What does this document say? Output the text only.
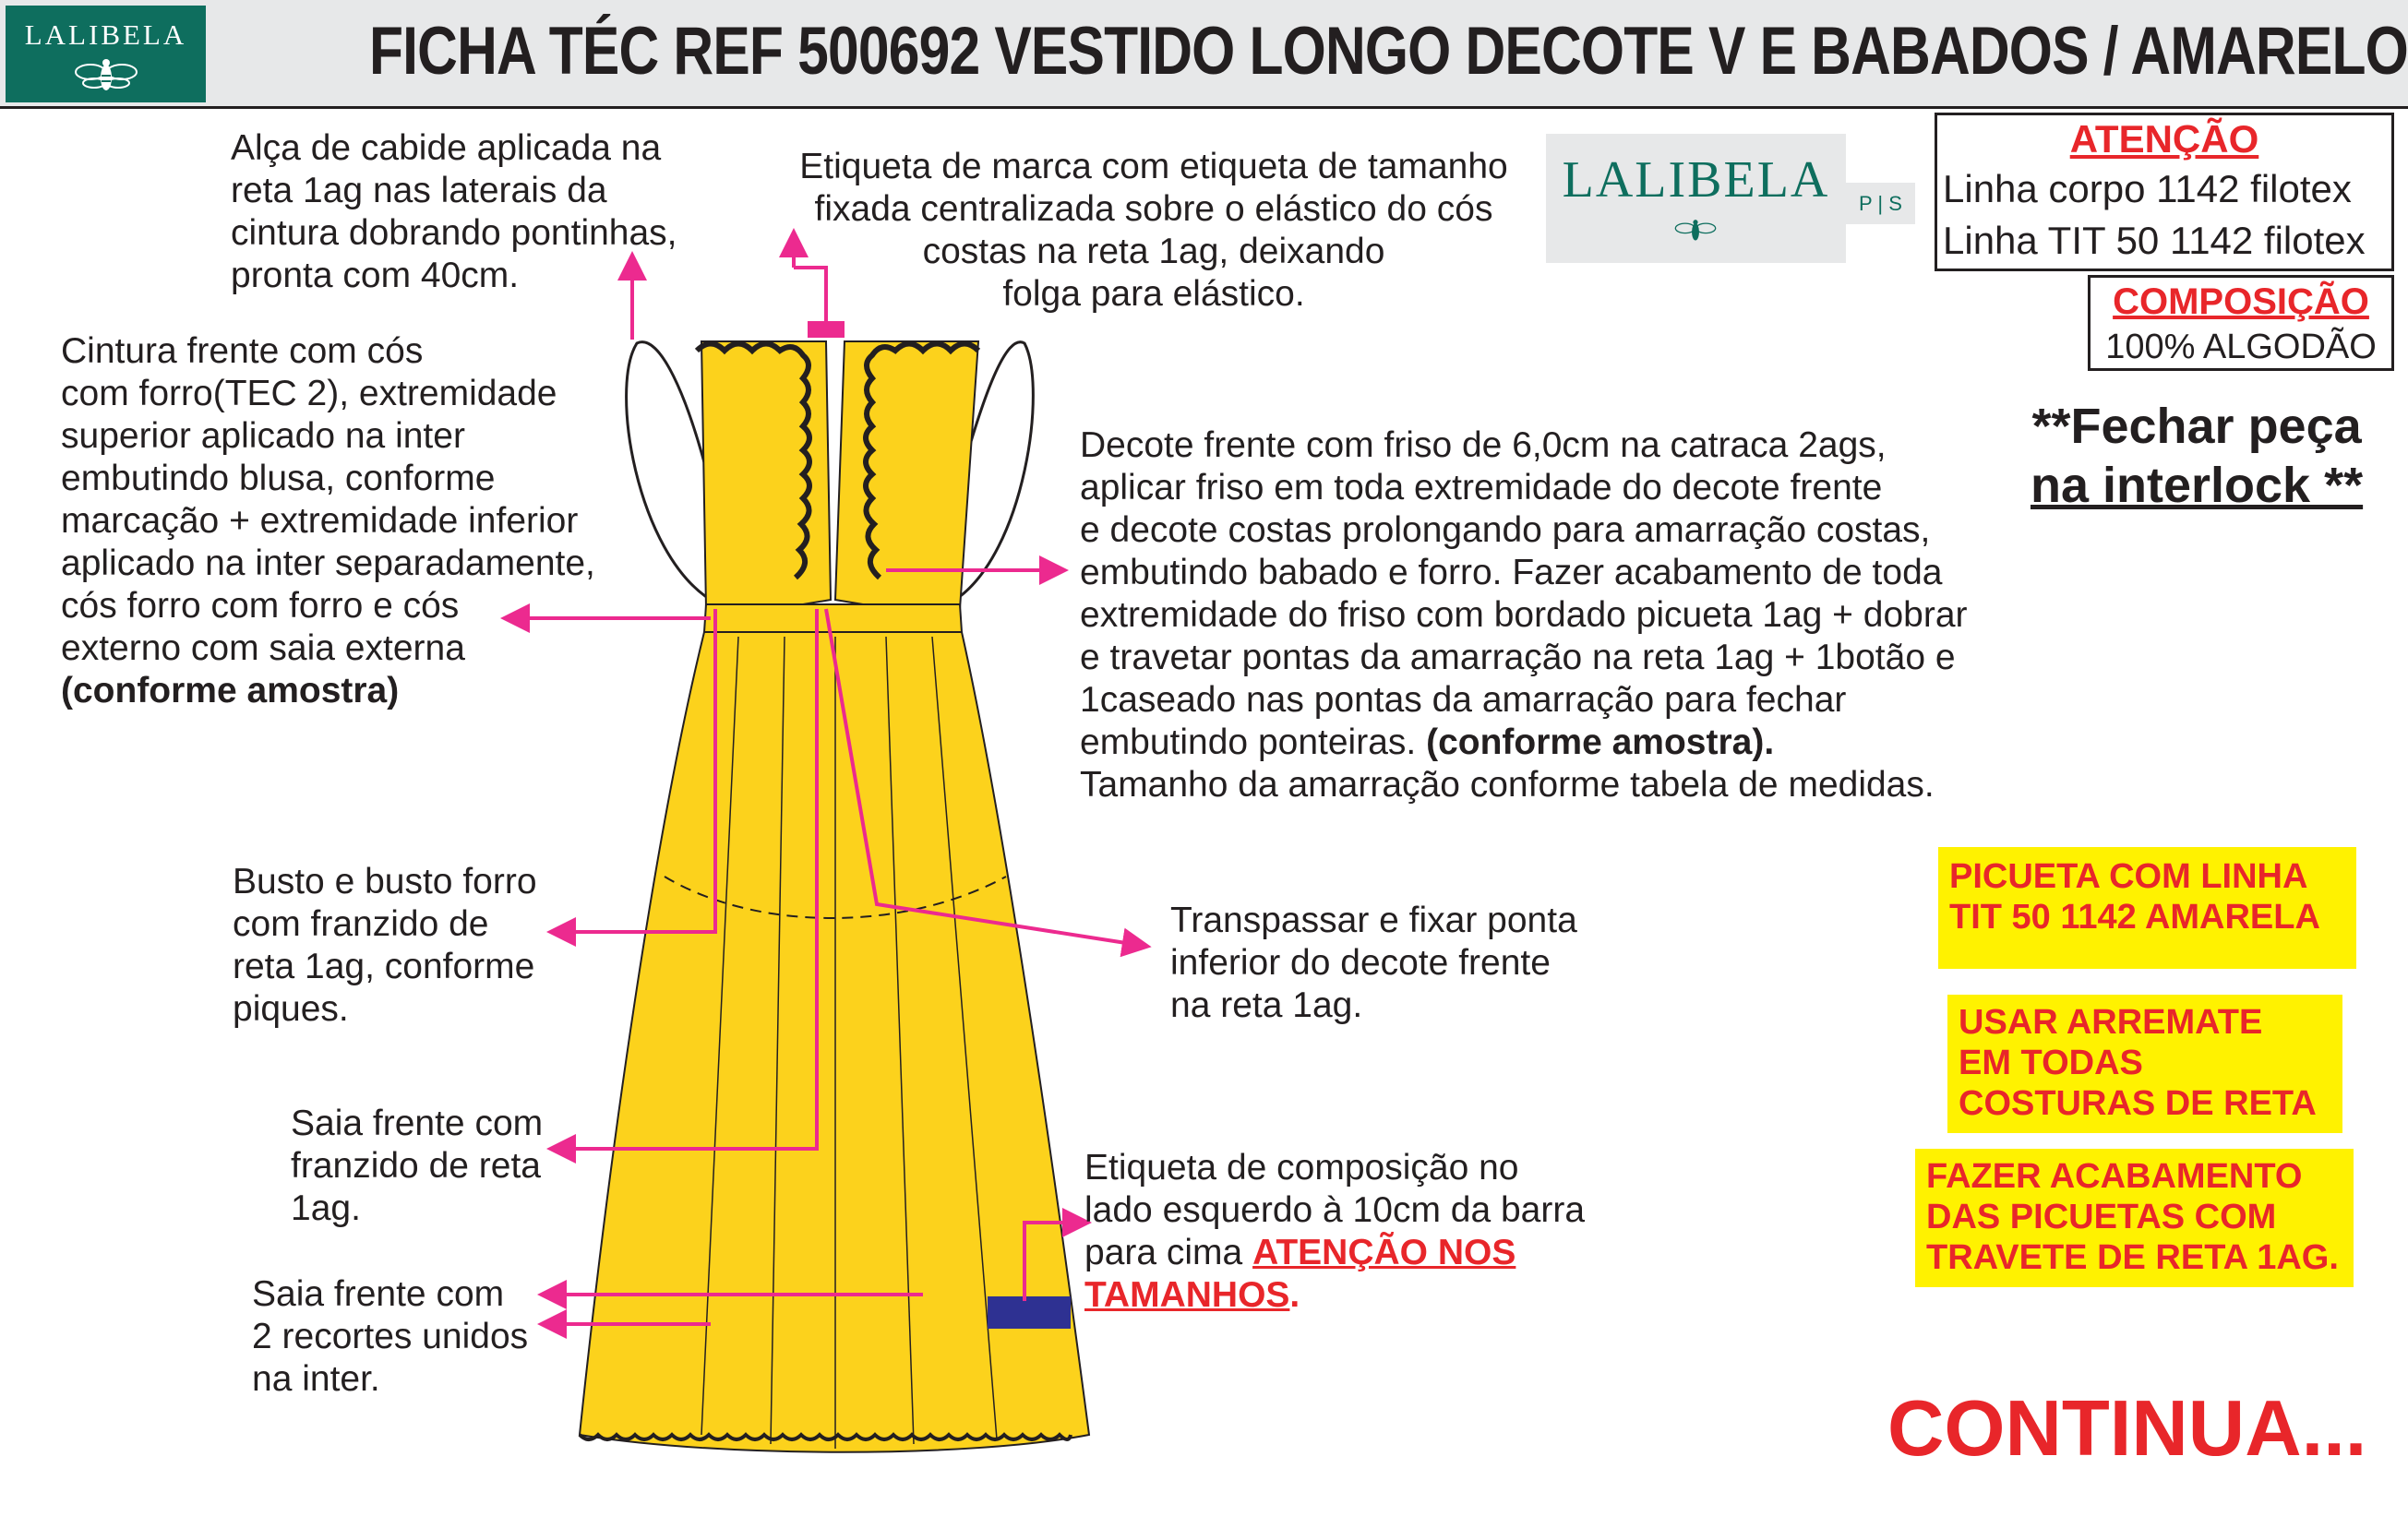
LALIBELA	FICHA TÉC REF 500692 VESTIDO LONGO DECOTE V E BABADOS / AMARELO
LALIBELA	P | S
ATENÇÃO
Linha corpo 1142 filotex
Linha TIT 50 1142 filotex
COMPOSIÇÃO
100% ALGODÃO
**Fechar peça
na interlock **
Alça de cabide aplicada na
reta 1ag nas laterais da
cintura dobrando pontinhas,
pronta com 40cm.
Etiqueta de marca com etiqueta de tamanho
fixada centralizada sobre o elástico do cós
costas na reta 1ag, deixando
folga para elástico.
Cintura frente com cós
com forro(TEC 2), extremidade
superior aplicado na inter
embutindo blusa, conforme
marcação + extremidade inferior
aplicado na inter separadamente,
cós forro com forro e cós
externo com saia externa
(conforme amostra)
Decote frente com friso de 6,0cm na catraca 2ags,
aplicar friso em toda extremidade do decote frente
e decote costas prolongando para amarração costas,
embutindo babado e forro. Fazer acabamento de toda
extremidade do friso com bordado picueta 1ag + dobrar
e travetar pontas da amarração na reta 1ag + 1botão e
1caseado nas pontas da amarração para fechar
embutindo ponteiras. (conforme amostra).
Tamanho da amarração conforme tabela de medidas.
Busto e busto forro
com franzido de
reta 1ag, conforme
piques.
Transpassar e fixar ponta
inferior do decote frente
na reta 1ag.
Saia frente com
franzido de reta
1ag.
Etiqueta de composição no
lado esquerdo à 10cm da barra
para cima ATENÇÃO NOS
TAMANHOS.
Saia frente com
2 recortes unidos
na inter.
PICUETA COM LINHA
TIT 50 1142 AMARELA
USAR ARREMATE
EM TODAS
COSTURAS DE RETA
FAZER ACABAMENTO
DAS PICUETAS COM
TRAVETE DE RETA 1AG.
CONTINUA...
